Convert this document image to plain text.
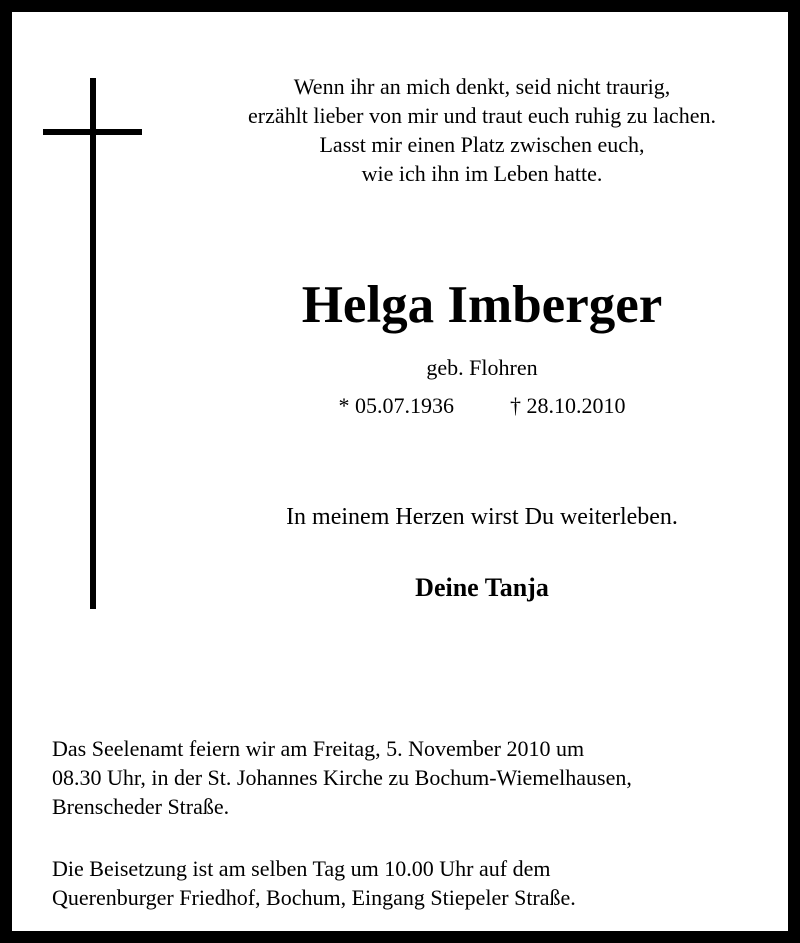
Wenn ihr an mich denkt, seid nicht traurig,
erzählt lieber von mir und traut euch ruhig zu lachen.
Lasst mir einen Platz zwischen euch,
wie ich ihn im Leben hatte.
Helga Imberger
geb. Flohren
* 05.07.1936	† 28.10.2010
In meinem Herzen wirst Du weiterleben.
Deine Tanja
Das Seelenamt feiern wir am Freitag, 5. November 2010 um
08.30 Uhr, in der St. Johannes Kirche zu Bochum-Wiemelhausen,
Brenscheder Straße.
Die Beisetzung ist am selben Tag um 10.00 Uhr auf dem
Querenburger Friedhof, Bochum, Eingang Stiepeler Straße.
